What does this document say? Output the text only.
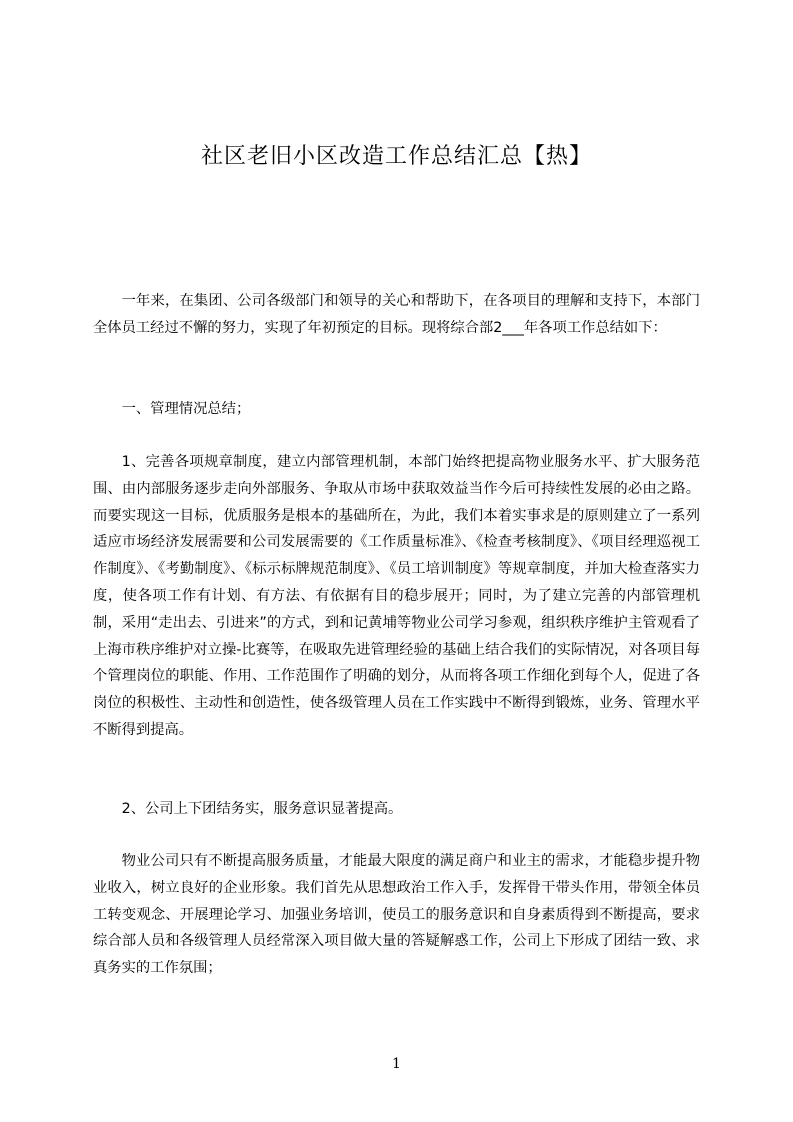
社区老旧小区改造工作总结汇总【热】

一年来，在集团、公司各级部门和领导的关心和帮助下，在各项目的理解和支持下，本部门全体员工经过不懈的努力，实现了年初预定的目标。现将综合部2___年各项工作总结如下：

一、管理情况总结；

1、完善各项规章制度，建立内部管理机制，本部门始终把提高物业服务水平、扩大服务范围、由内部服务逐步走向外部服务、争取从市场中获取效益当作今后可持续性发展的必由之路。而要实现这一目标，优质服务是根本的基础所在，为此，我们本着实事求是的原则建立了一系列适应市场经济发展需要和公司发展需要的《工作质量标准》、《检查考核制度》、《项目经理巡视工作制度》、《考勤制度》、《标示标牌规范制度》、《员工培训制度》等规章制度，并加大检查落实力度，使各项工作有计划、有方法、有依据有目的稳步展开；同时，为了建立完善的内部管理机制，采用“走出去、引进来”的方式，到和记黄埔等物业公司学习参观，组织秩序维护主管观看了上海市秩序维护对立操-比赛等，在吸取先进管理经验的基础上结合我们的实际情况，对各项目每个管理岗位的职能、作用、工作范围作了明确的划分，从而将各项工作细化到每个人，促进了各岗位的积极性、主动性和创造性，使各级管理人员在工作实践中不断得到锻炼，业务、管理水平不断得到提高。

2、公司上下团结务实，服务意识显著提高。

物业公司只有不断提高服务质量，才能最大限度的满足商户和业主的需求，才能稳步提升物业收入，树立良好的企业形象。我们首先从思想政治工作入手，发挥骨干带头作用，带领全体员工转变观念、开展理论学习、加强业务培训，使员工的服务意识和自身素质得到不断提高，要求综合部人员和各级管理人员经常深入项目做大量的答疑解惑工作，公司上下形成了团结一致、求真务实的工作氛围；

1
